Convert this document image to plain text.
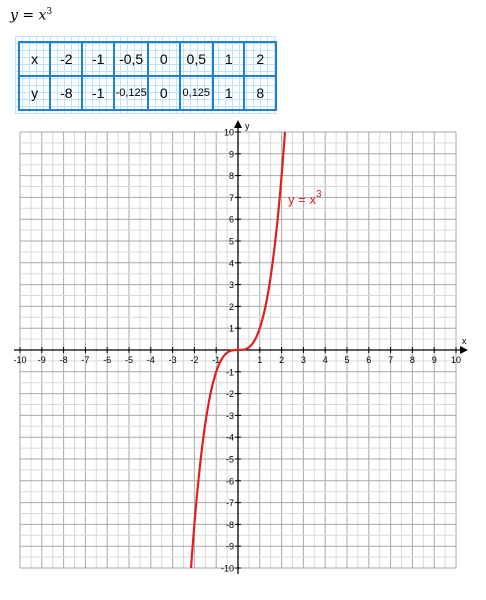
$y = x^3$
x	-2	-1	-0,5	0	0,5	1	2
y	-8	-1	-0,125	0	0,125	1	8
-10 -9 -8 -7 -6 -5 -4 -3 -2 -1	1 2 3 4 5 6 7 8 9 10
-10
-9
-8
-7
-6
-5
-4
-3
-2
-1
1
2
3
4
5
6
7
8
9
10
x
y
$y = x^3$
